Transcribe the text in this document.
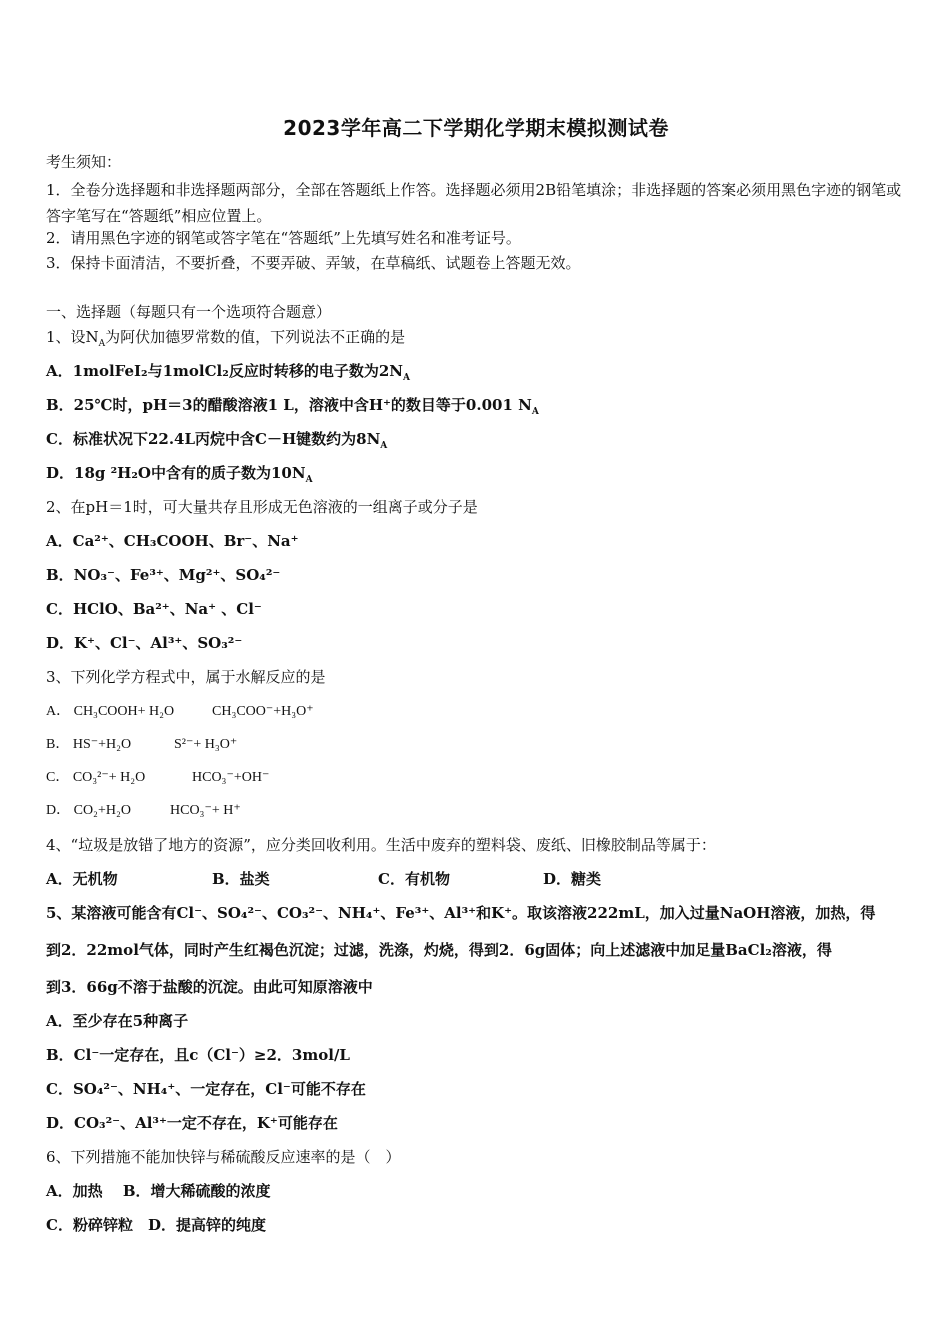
2023学年高二下学期化学期末模拟测试卷
考生须知：
1．全卷分选择题和非选择题两部分，全部在答题纸上作答。选择题必须用2B铅笔填涂；非选择题的答案必须用黑色字迹的钢笔或答字笔写在“答题纸”相应位置上。
2．请用黑色字迹的钢笔或答字笔在“答题纸”上先填写姓名和准考证号。
3．保持卡面清洁，不要折叠，不要弄破、弄皱，在草稿纸、试题卷上答题无效。
一、选择题（每题只有一个选项符合题意）
1、设$N_A$为阿伏加德罗常数的值，下列说法不正确的是
A．1molFeI₂与1molCl₂反应时转移的电子数为$2N_A$
B．25℃时，pH＝3的醋酸溶液1 L，溶液中含H⁺的数目等于0.001 $N_A$
C．标准状况下22.4L丙烷中含C－H键数约为$8N_A$
D．18g ²H₂O中含有的质子数为$10N_A$
2、在pH＝1时，可大量共存且形成无色溶液的一组离子或分子是
A．Ca²⁺、CH₃COOH、Br⁻、Na⁺
B．NO₃⁻、Fe³⁺、Mg²⁺、SO₄²⁻
C．HClO、Ba²⁺、Na⁺ 、Cl⁻
D．K⁺、Cl⁻、Al³⁺、SO₃²⁻
3、下列化学方程式中，属于水解反应的是
A． CH₃COOH+ H₂O	CH₃COO⁻+H₃O⁺
B． HS⁻+H₂O	S²⁻+ H₃O⁺
C． CO₃²⁻+ H₂O	HCO₃⁻+OH⁻
D． CO₂+H₂O	HCO₃⁻+ H⁺
4、“垃圾是放错了地方的资源”，应分类回收利用。生活中废弃的塑料袋、废纸、旧橡胶制品等属于：
A．无机物	B．盐类	C．有机物	D．糖类
5、某溶液可能含有Cl⁻、SO₄²⁻、CO₃²⁻、NH₄⁺、Fe³⁺、Al³⁺和K⁺。取该溶液222mL，加入过量NaOH溶液，加热，得
到2．22mol气体，同时产生红褐色沉淀；过滤，洗涤，灼烧，得到2．6g固体；向上述滤液中加足量BaCl₂溶液，得
到3．66g不溶于盐酸的沉淀。由此可知原溶液中
A．至少存在5种离子
B．Cl⁻一定存在，且c（Cl⁻）≥2．3mol/L
C．SO₄²⁻、NH₄⁺、一定存在，Cl⁻可能不存在
D．CO₃²⁻、Al³⁺一定不存在，K⁺可能存在
6、下列措施不能加快锌与稀硫酸反应速率的是（　）
A．加热　 B．增大稀硫酸的浓度
C．粉碎锌粒　D．提高锌的纯度
